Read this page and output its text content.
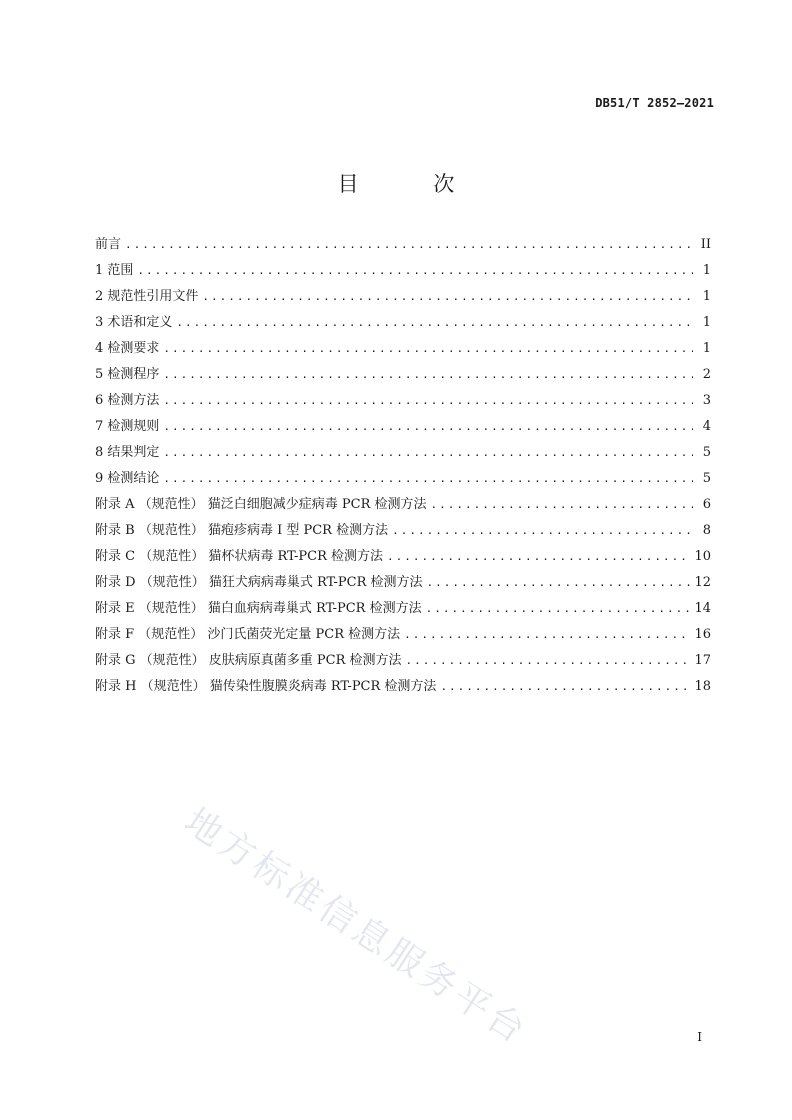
DB51/T 2852—2021
目 次
前言 .....	II
1 范围 .....	1
2 规范性引用文件 .....	1
3 术语和定义 .....	1
4 检测要求 .....	1
5 检测程序 .....	2
6 检测方法 .....	3
7 检测规则 .....	4
8 结果判定 .....	5
9 检测结论 .....	5
附录 A （规范性） 猫泛白细胞减少症病毒 PCR 检测方法 .....	6
附录 B （规范性） 猫疱疹病毒 I 型 PCR 检测方法 .....	8
附录 C （规范性） 猫杯状病毒 RT-PCR 检测方法 .....	10
附录 D （规范性） 猫狂犬病病毒巢式 RT-PCR 检测方法 .....	12
附录 E （规范性） 猫白血病病毒巢式 RT-PCR 检测方法 .....	14
附录 F （规范性） 沙门氏菌荧光定量 PCR 检测方法 .....	16
附录 G （规范性） 皮肤病原真菌多重 PCR 检测方法 .....	17
附录 H （规范性） 猫传染性腹膜炎病毒 RT-PCR 检测方法 .....	18
地方标准信息服务平台	I
